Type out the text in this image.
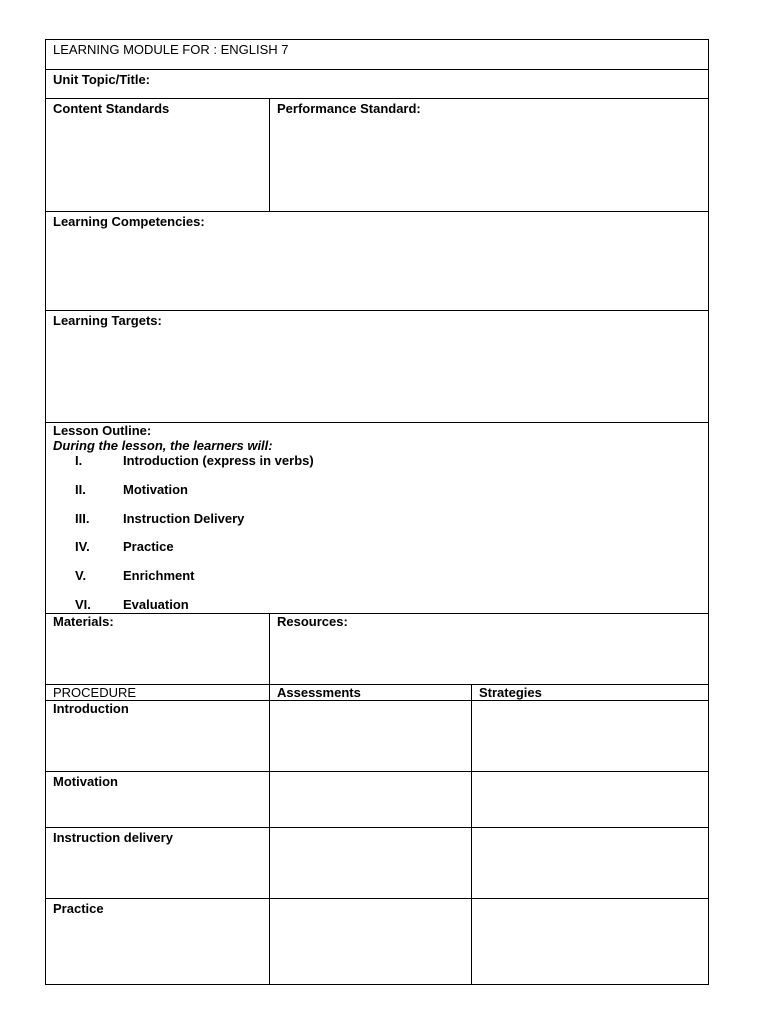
LEARNING MODULE FOR : ENGLISH 7
Unit Topic/Title:
Content Standards	Performance Standard:
Learning Competencies:
Learning Targets:
Lesson Outline:
During the lesson, the learners will:
I.	Introduction (express in verbs)
II.	Motivation
III.	Instruction Delivery
IV.	Practice
V.	Enrichment
VI.	Evaluation
Materials:	Resources:
PROCEDURE	Assessments	Strategies
Introduction
Motivation
Instruction delivery
Practice
